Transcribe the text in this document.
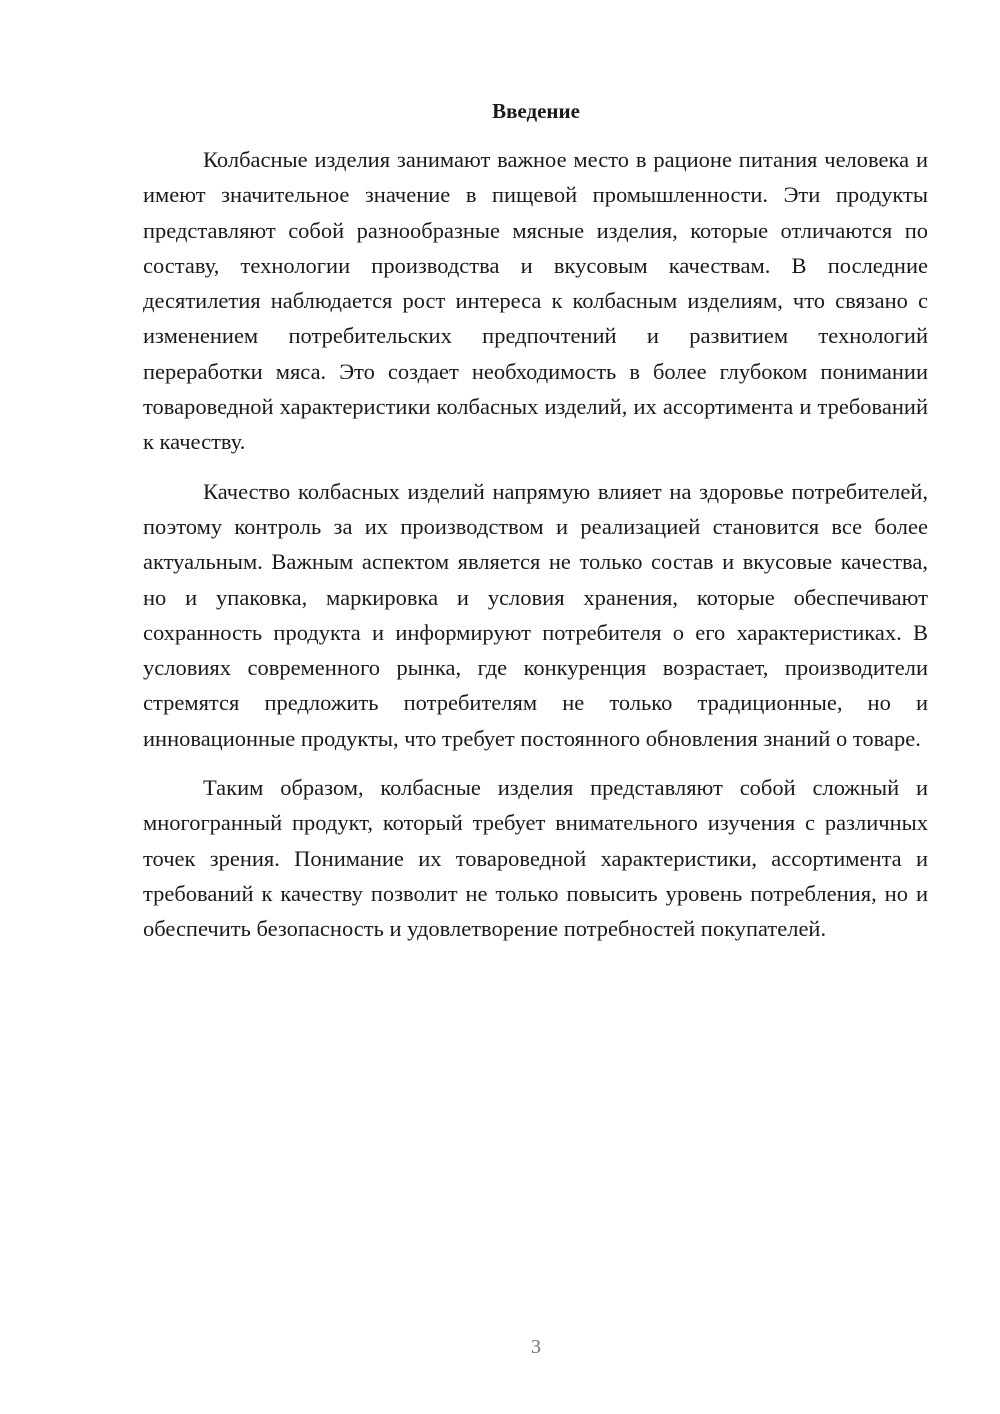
Введение

Колбасные изделия занимают важное место в рационе питания человека и имеют значительное значение в пищевой промышленности. Эти продукты представляют собой разнообразные мясные изделия, которые отличаются по составу, технологии производства и вкусовым качествам. В последние десятилетия наблюдается рост интереса к колбасным изделиям, что связано с изменением потребительских предпочтений и развитием технологий переработки мяса. Это создает необходимость в более глубоком понимании товароведной характеристики колбасных изделий, их ассортимента и требований к качеству.

Качество колбасных изделий напрямую влияет на здоровье потребителей, поэтому контроль за их производством и реализацией становится все более актуальным. Важным аспектом является не только состав и вкусовые качества, но и упаковка, маркировка и условия хранения, которые обеспечивают сохранность продукта и информируют потребителя о его характеристиках. В условиях современного рынка, где конкуренция возрастает, производители стремятся предложить потребителям не только традиционные, но и инновационные продукты, что требует постоянного обновления знаний о товаре.

Таким образом, колбасные изделия представляют собой сложный и многогранный продукт, который требует внимательного изучения с различных точек зрения. Понимание их товароведной характеристики, ассортимента и требований к качеству позволит не только повысить уровень потребления, но и обеспечить безопасность и удовлетворение потребностей покупателей.

3
